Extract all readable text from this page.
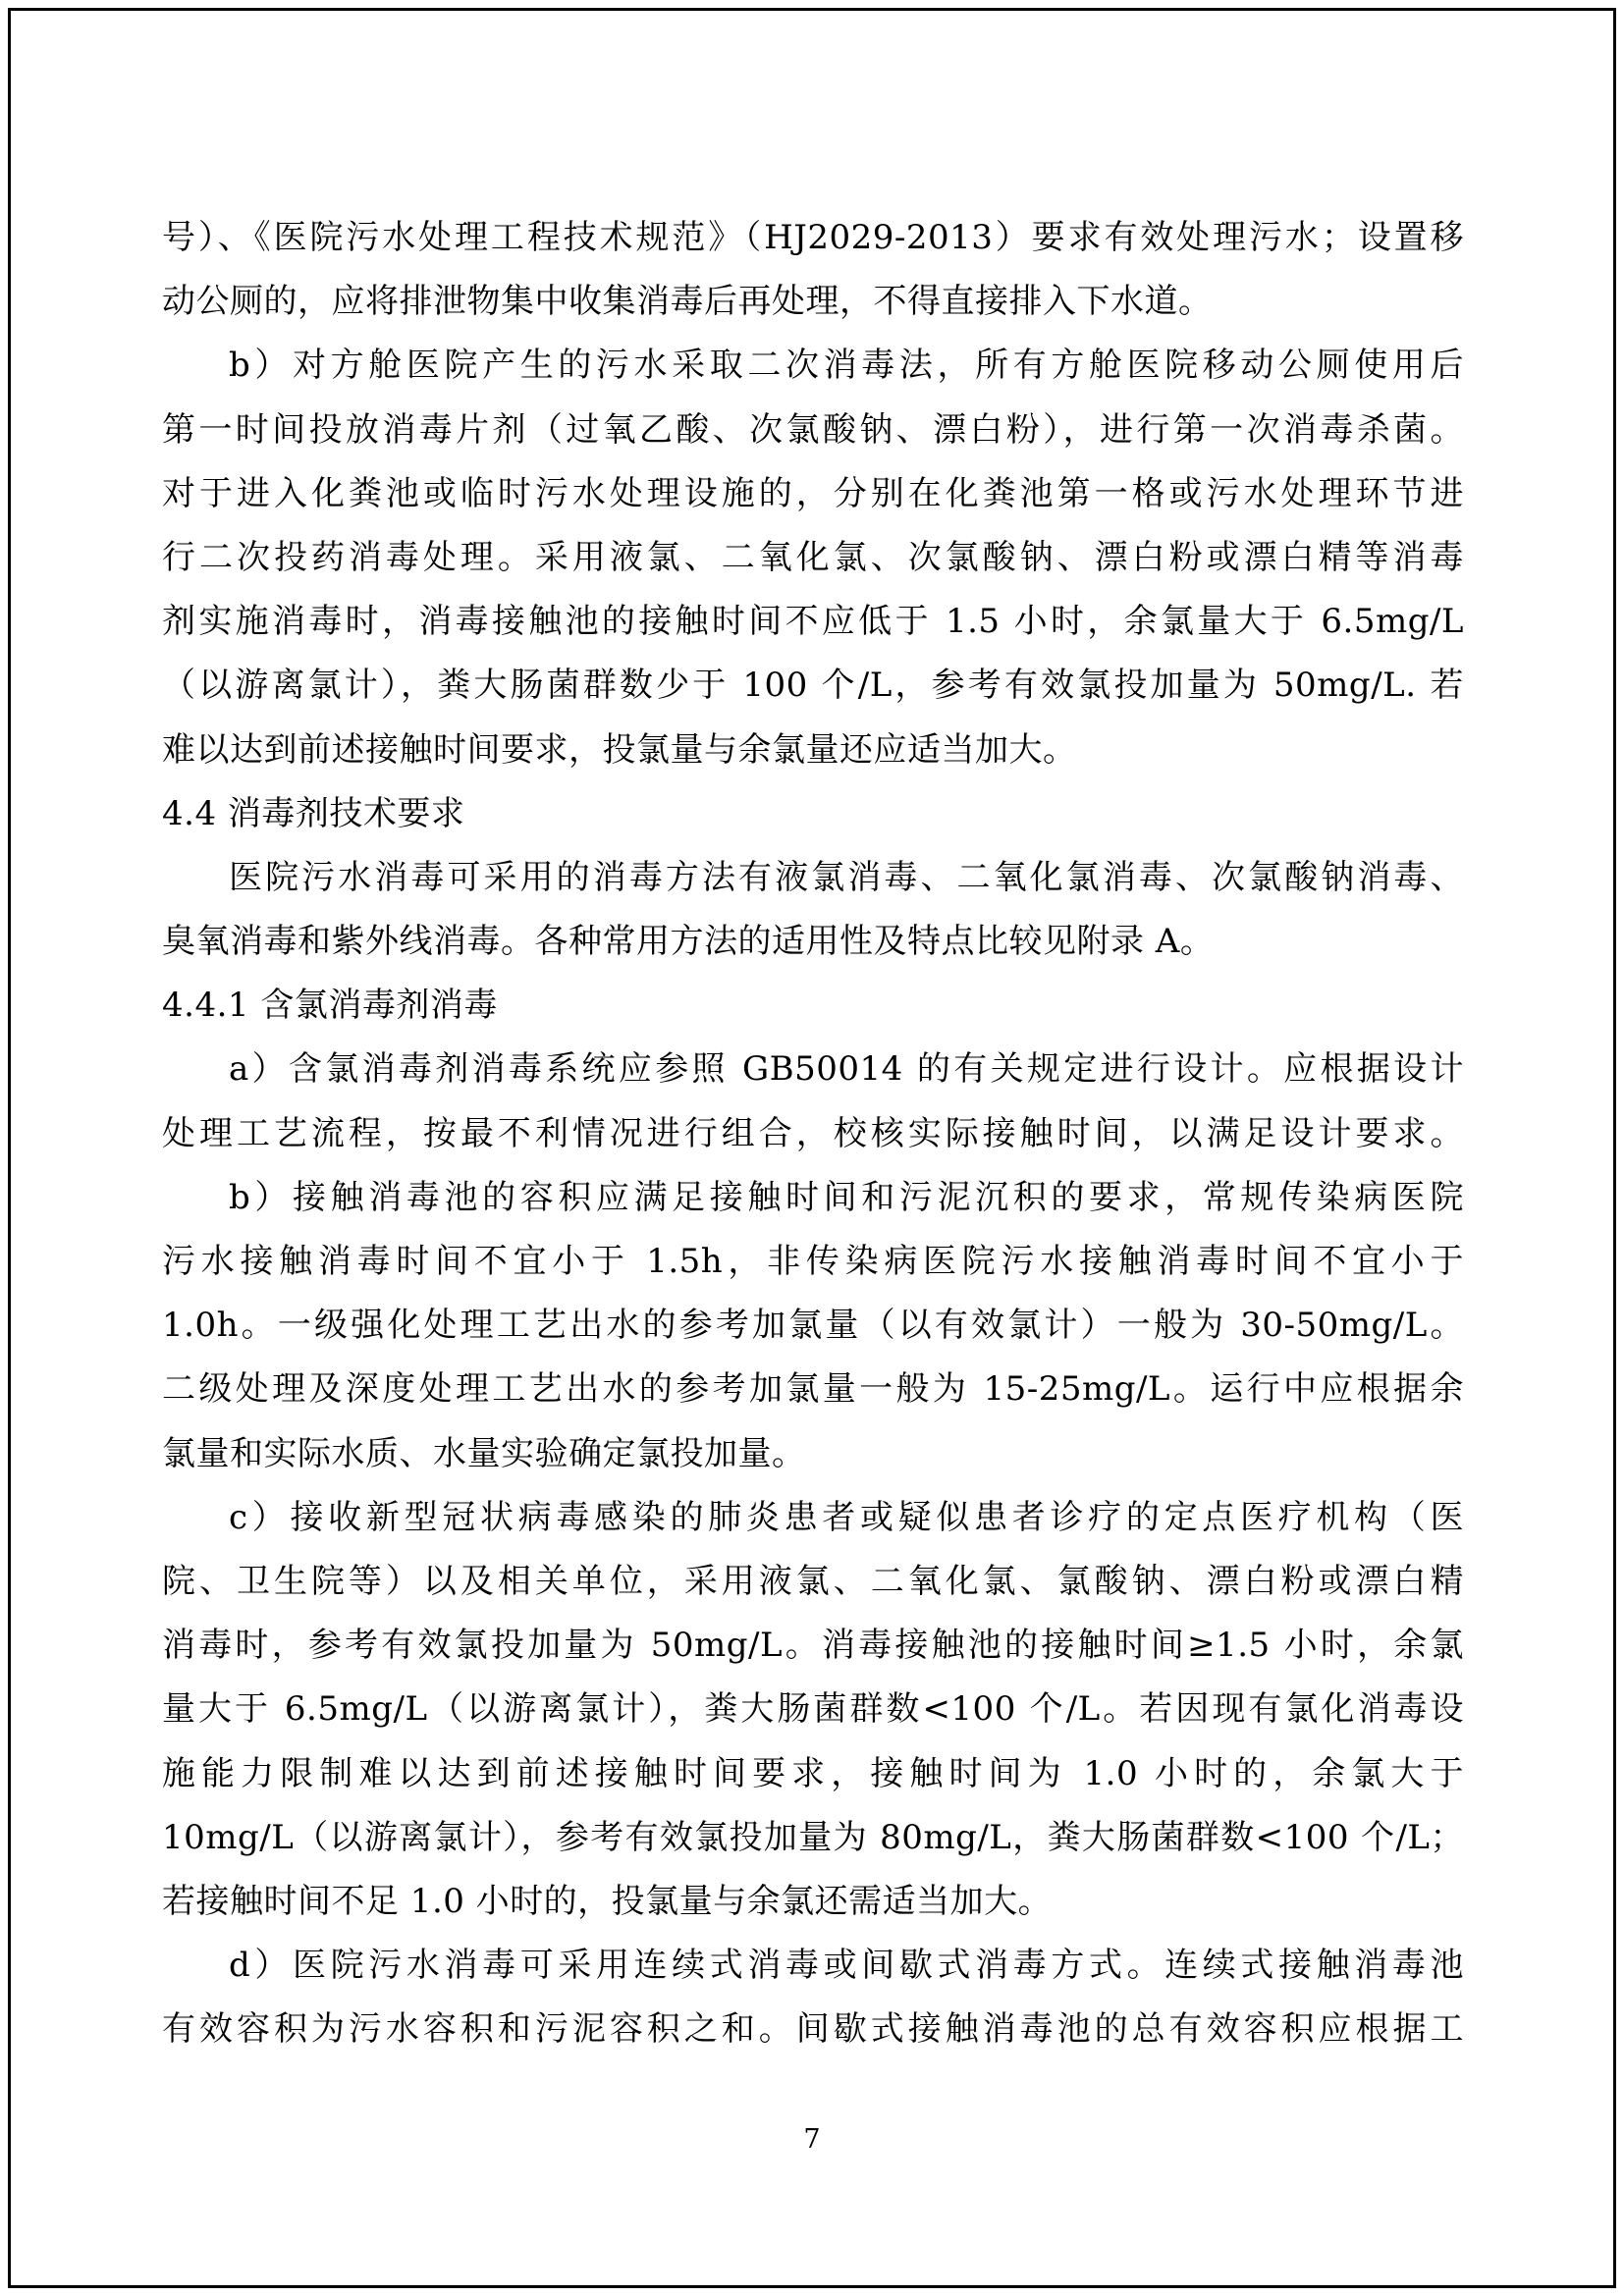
号）、《医院污水处理工程技术规范》（HJ2029-2013）要求有效处理污水；设置移
动公厕的，应将排泄物集中收集消毒后再处理，不得直接排入下水道。
b）对方舱医院产生的污水采取二次消毒法，所有方舱医院移动公厕使用后
第一时间投放消毒片剂（过氧乙酸、次氯酸钠、漂白粉），进行第一次消毒杀菌。
对于进入化粪池或临时污水处理设施的，分别在化粪池第一格或污水处理环节进
行二次投药消毒处理。采用液氯、二氧化氯、次氯酸钠、漂白粉或漂白精等消毒
剂实施消毒时，消毒接触池的接触时间不应低于 1.5 小时，余氯量大于 6.5mg/L
（以游离氯计），粪大肠菌群数少于 100 个/L，参考有效氯投加量为 50mg/L. 若
难以达到前述接触时间要求，投氯量与余氯量还应适当加大。
4.4 消毒剂技术要求
医院污水消毒可采用的消毒方法有液氯消毒、二氧化氯消毒、次氯酸钠消毒、
臭氧消毒和紫外线消毒。各种常用方法的适用性及特点比较见附录 A。
4.4.1 含氯消毒剂消毒
a）含氯消毒剂消毒系统应参照 GB50014 的有关规定进行设计。应根据设计
处理工艺流程，按最不利情况进行组合，校核实际接触时间，以满足设计要求。
b）接触消毒池的容积应满足接触时间和污泥沉积的要求，常规传染病医院
污水接触消毒时间不宜小于 1.5h，非传染病医院污水接触消毒时间不宜小于
1.0h。一级强化处理工艺出水的参考加氯量（以有效氯计）一般为 30-50mg/L。
二级处理及深度处理工艺出水的参考加氯量一般为 15-25mg/L。运行中应根据余
氯量和实际水质、水量实验确定氯投加量。
c）接收新型冠状病毒感染的肺炎患者或疑似患者诊疗的定点医疗机构（医
院、卫生院等）以及相关单位，采用液氯、二氧化氯、氯酸钠、漂白粉或漂白精
消毒时，参考有效氯投加量为 50mg/L。消毒接触池的接触时间≥1.5 小时，余氯
量大于 6.5mg/L（以游离氯计），粪大肠菌群数<100 个/L。若因现有氯化消毒设
施能力限制难以达到前述接触时间要求，接触时间为 1.0 小时的，余氯大于
10mg/L（以游离氯计），参考有效氯投加量为 80mg/L，粪大肠菌群数<100 个/L；
若接触时间不足 1.0 小时的，投氯量与余氯还需适当加大。
d）医院污水消毒可采用连续式消毒或间歇式消毒方式。连续式接触消毒池
有效容积为污水容积和污泥容积之和。间歇式接触消毒池的总有效容积应根据工
7
